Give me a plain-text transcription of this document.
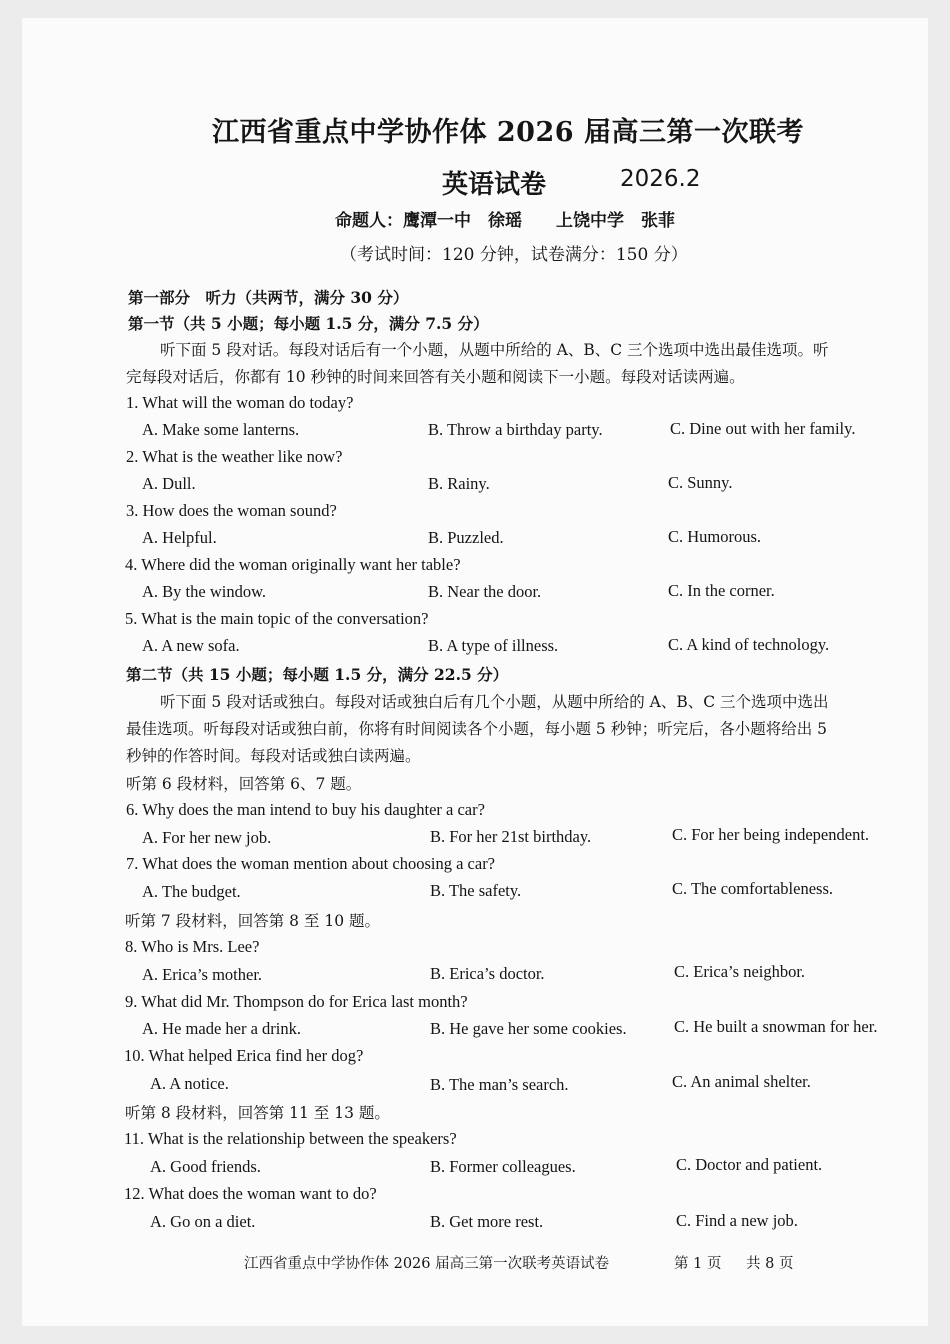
江西省重点中学协作体 2026 届高三第一次联考
英语试卷	2026.2
命题人：鹰潭一中　徐瑶　　上饶中学　张菲
（考试时间：120 分钟，试卷满分：150 分）
第一部分　听力（共两节，满分 30 分）
第一节（共 5 小题；每小题 1.5 分，满分 7.5 分）
听下面 5 段对话。每段对话后有一个小题，从题中所给的 A、B、C 三个选项中选出最佳选项。听
完每段对话后，你都有 10 秒钟的时间来回答有关小题和阅读下一小题。每段对话读两遍。
1. What will the woman do today?
A. Make some lanterns.	B. Throw a birthday party.	C. Dine out with her family.
2. What is the weather like now?
A. Dull.	B. Rainy.	C. Sunny.
3. How does the woman sound?
A. Helpful.	B. Puzzled.	C. Humorous.
4. Where did the woman originally want her table?
A. By the window.	B. Near the door.	C. In the corner.
5. What is the main topic of the conversation?
A. A new sofa.	B. A type of illness.	C. A kind of technology.
第二节（共 15 小题；每小题 1.5 分，满分 22.5 分）
听下面 5 段对话或独白。每段对话或独白后有几个小题，从题中所给的 A、B、C 三个选项中选出
最佳选项。听每段对话或独白前，你将有时间阅读各个小题，每小题 5 秒钟；听完后，各小题将给出 5
秒钟的作答时间。每段对话或独白读两遍。
听第 6 段材料，回答第 6、7 题。
6. Why does the man intend to buy his daughter a car?
A. For her new job.	B. For her 21st birthday.	C. For her being independent.
7. What does the woman mention about choosing a car?
A. The budget.	B. The safety.	C. The comfortableness.
听第 7 段材料，回答第 8 至 10 题。
8. Who is Mrs. Lee?
A. Erica’s mother.	B. Erica’s doctor.	C. Erica’s neighbor.
9. What did Mr. Thompson do for Erica last month?
A. He made her a drink.	B. He gave her some cookies.	C. He built a snowman for her.
10. What helped Erica find her dog?
A. A notice.	B. The man’s search.	C. An animal shelter.
听第 8 段材料，回答第 11 至 13 题。
11. What is the relationship between the speakers?
A. Good friends.	B. Former colleagues.	C. Doctor and patient.
12. What does the woman want to do?
A. Go on a diet.	B. Get more rest.	C. Find a new job.
江西省重点中学协作体 2026 届高三第一次联考英语试卷	第 1 页 共 8 页
